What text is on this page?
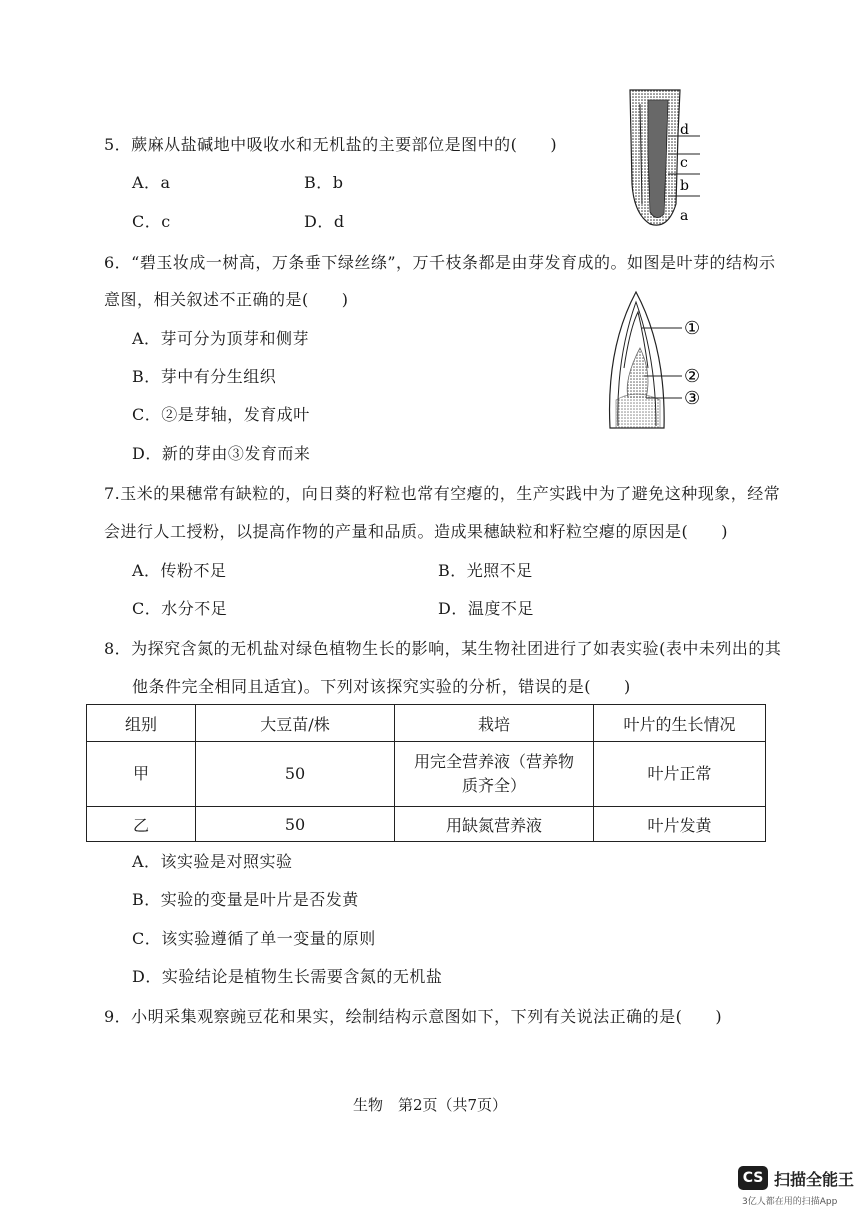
5．蕨麻从盐碱地中吸收水和无机盐的主要部位是图中的(　　)
A．a	B．b
C．c	D．d
d
c
b
a
6．“碧玉妆成一树高，万条垂下绿丝绦”，万千枝条都是由芽发育成的。如图是叶芽的结构示
意图，相关叙述不正确的是(　　)
A．芽可分为顶芽和侧芽
B．芽中有分生组织
C．②是芽轴，发育成叶
D．新的芽由③发育而来
①
②
③
7.玉米的果穗常有缺粒的，向日葵的籽粒也常有空瘪的，生产实践中为了避免这种现象，经常
会进行人工授粉，以提高作物的产量和品质。造成果穗缺粒和籽粒空瘪的原因是(　　)
A．传粉不足	B．光照不足
C．水分不足	D．温度不足
8．为探究含氮的无机盐对绿色植物生长的影响，某生物社团进行了如表实验(表中未列出的其
他条件完全相同且适宜)。下列对该探究实验的分析，错误的是(　　)
组别	大豆苗/株	栽培	叶片的生长情况
甲	50	用完全营养液（营养物
质齐全）	叶片正常
乙	50	用缺氮营养液	叶片发黄
A．该实验是对照实验
B．实验的变量是叶片是否发黄
C．该实验遵循了单一变量的原则
D．实验结论是植物生长需要含氮的无机盐
9．小明采集观察豌豆花和果实，绘制结构示意图如下，下列有关说法正确的是(　　)
生物　第2页（共7页）
CS 扫描全能王
3亿人都在用的扫描App
